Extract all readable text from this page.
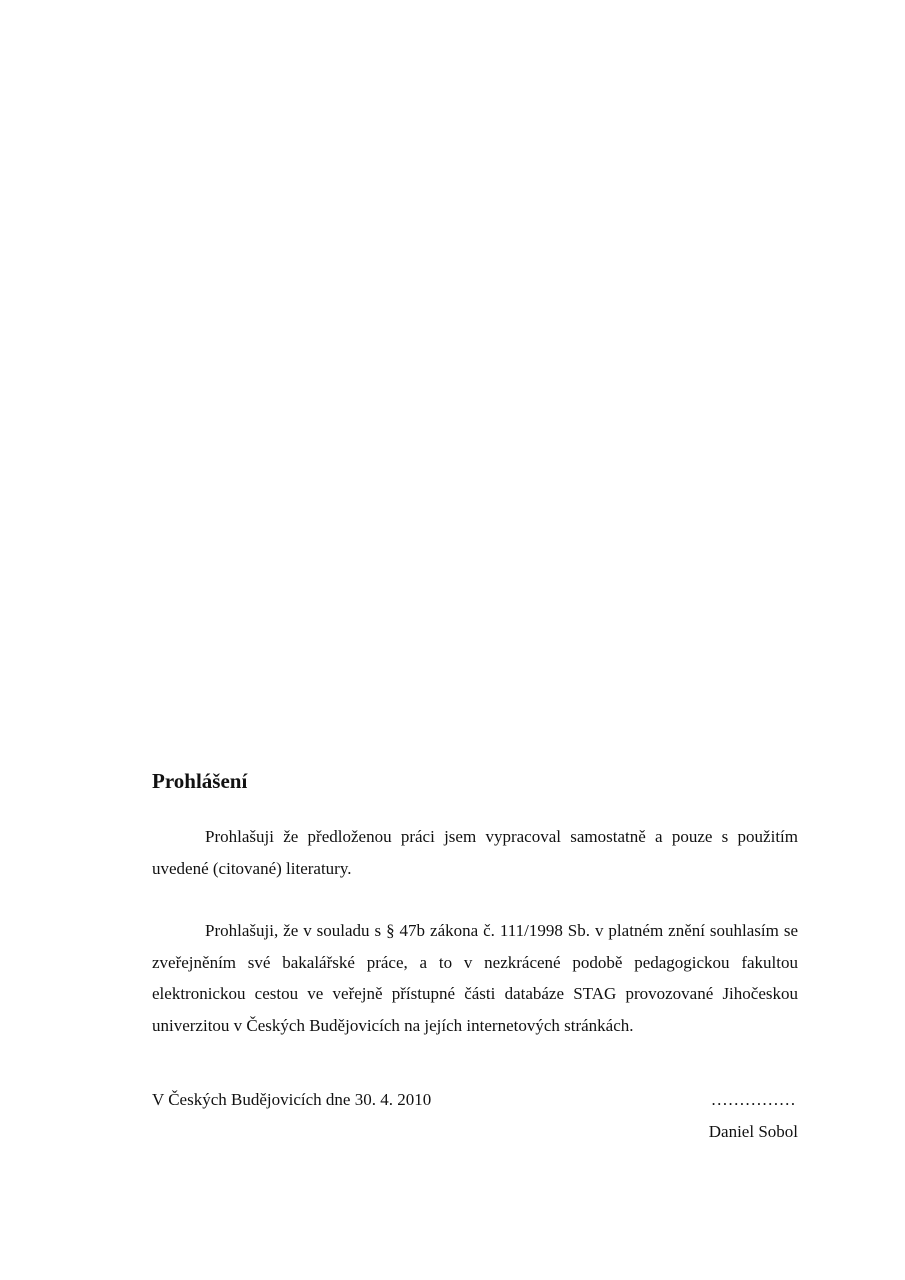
Prohlášení

Prohlašuji že předloženou práci jsem vypracoval samostatně a pouze s použitím uvedené (citované) literatury.

Prohlašuji, že v souladu s § 47b zákona č. 111/1998 Sb. v platném znění souhlasím se zveřejněním své bakalářské práce, a to v nezkrácené podobě pedagogickou fakultou elektronickou cestou ve veřejně přístupné části databáze STAG provozované Jihočeskou univerzitou v Českých Budějovicích na jejích internetových stránkách.

V Českých Budějovicích dne 30. 4. 2010	……………
Daniel Sobol
